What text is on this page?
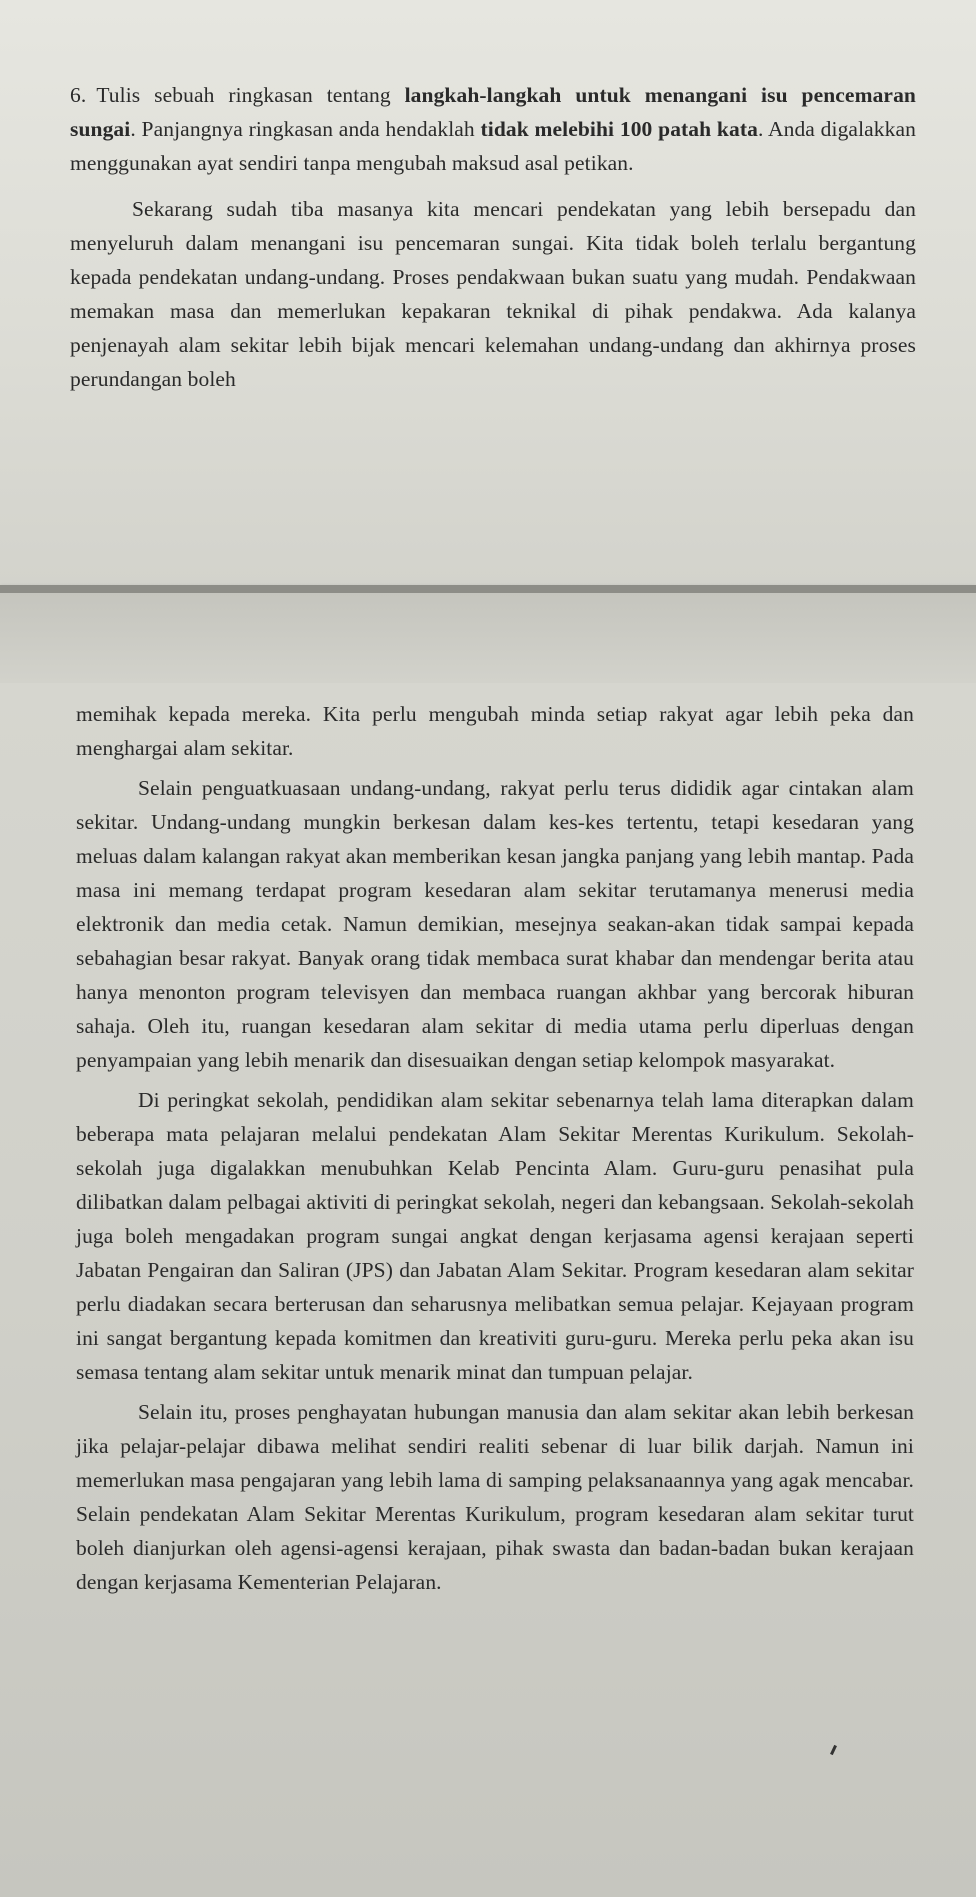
6. Tulis sebuah ringkasan tentang langkah-langkah untuk menangani isu pencemaran sungai. Panjangnya ringkasan anda hendaklah tidak melebihi 100 patah kata. Anda digalakkan menggunakan ayat sendiri tanpa mengubah maksud asal petikan.

Sekarang sudah tiba masanya kita mencari pendekatan yang lebih bersepadu dan menyeluruh dalam menangani isu pencemaran sungai. Kita tidak boleh terlalu bergantung kepada pendekatan undang-undang. Proses pendakwaan bukan suatu yang mudah. Pendakwaan memakan masa dan memerlukan kepakaran teknikal di pihak pendakwa. Ada kalanya penjenayah alam sekitar lebih bijak mencari kelemahan undang-undang dan akhirnya proses perundangan boleh

memihak kepada mereka. Kita perlu mengubah minda setiap rakyat agar lebih peka dan menghargai alam sekitar.

Selain penguatkuasaan undang-undang, rakyat perlu terus dididik agar cintakan alam sekitar. Undang-undang mungkin berkesan dalam kes-kes tertentu, tetapi kesedaran yang meluas dalam kalangan rakyat akan memberikan kesan jangka panjang yang lebih mantap. Pada masa ini memang terdapat program kesedaran alam sekitar terutamanya menerusi media elektronik dan media cetak. Namun demikian, mesejnya seakan-akan tidak sampai kepada sebahagian besar rakyat. Banyak orang tidak membaca surat khabar dan mendengar berita atau hanya menonton program televisyen dan membaca ruangan akhbar yang bercorak hiburan sahaja. Oleh itu, ruangan kesedaran alam sekitar di media utama perlu diperluas dengan penyampaian yang lebih menarik dan disesuaikan dengan setiap kelompok masyarakat.

Di peringkat sekolah, pendidikan alam sekitar sebenarnya telah lama diterapkan dalam beberapa mata pelajaran melalui pendekatan Alam Sekitar Merentas Kurikulum. Sekolah-sekolah juga digalakkan menubuhkan Kelab Pencinta Alam. Guru-guru penasihat pula dilibatkan dalam pelbagai aktiviti di peringkat sekolah, negeri dan kebangsaan. Sekolah-sekolah juga boleh mengadakan program sungai angkat dengan kerjasama agensi kerajaan seperti Jabatan Pengairan dan Saliran (JPS) dan Jabatan Alam Sekitar. Program kesedaran alam sekitar perlu diadakan secara berterusan dan seharusnya melibatkan semua pelajar. Kejayaan program ini sangat bergantung kepada komitmen dan kreativiti guru-guru. Mereka perlu peka akan isu semasa tentang alam sekitar untuk menarik minat dan tumpuan pelajar.

Selain itu, proses penghayatan hubungan manusia dan alam sekitar akan lebih berkesan jika pelajar-pelajar dibawa melihat sendiri realiti sebenar di luar bilik darjah. Namun ini memerlukan masa pengajaran yang lebih lama di samping pelaksanaannya yang agak mencabar. Selain pendekatan Alam Sekitar Merentas Kurikulum, program kesedaran alam sekitar turut boleh dianjurkan oleh agensi-agensi kerajaan, pihak swasta dan badan-badan bukan kerajaan dengan kerjasama Kementerian Pelajaran.
